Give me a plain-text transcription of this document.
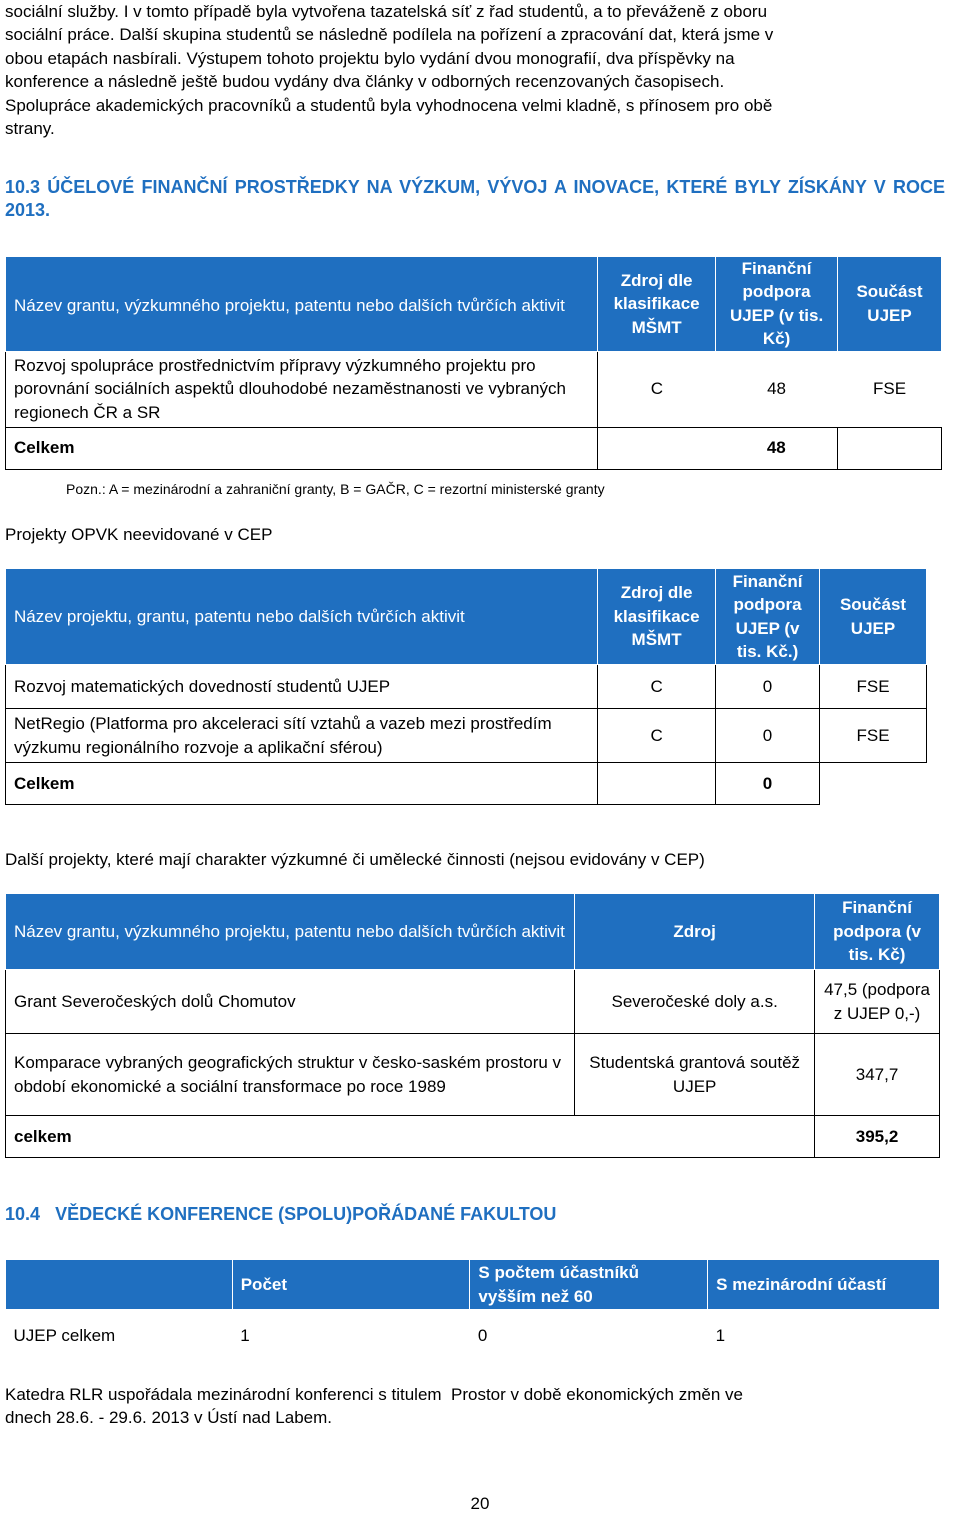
sociální služby. I v tomto případě byla vytvořena tazatelská síť z řad studentů, a to převáženě z oboru
sociální práce. Další skupina studentů se následně podílela na pořízení a zpracování dat, která jsme v
obou etapách nasbírali. Výstupem tohoto projektu bylo vydání dvou monografií, dva příspěvky na
konference a následně ještě budou vydány dva články v odborných recenzovaných časopisech.
Spolupráce akademických pracovníků a studentů byla vyhodnocena velmi kladně, s přínosem pro obě
strany.
10.3 ÚČELOVÉ FINANČNÍ PROSTŘEDKY NA VÝZKUM, VÝVOJ A INOVACE, KTERÉ BYLY ZÍSKÁNY V ROCE 2013.
Název grantu, výzkumného projektu, patentu nebo dalších tvůrčích aktivit	Zdroj dle klasifikace MŠMT	Finanční podpora UJEP (v tis. Kč)	Součást UJEP
Rozvoj spolupráce prostřednictvím přípravy výzkumného projektu pro porovnání sociálních aspektů dlouhodobé nezaměstnanosti ve vybraných regionech ČR a SR	C	48	FSE
Celkem		48	
Pozn.: A = mezinárodní a zahraniční granty, B = GAČR, C = rezortní ministerské granty
Projekty OPVK neevidované v CEP
Název projektu, grantu, patentu nebo dalších tvůrčích aktivit	Zdroj dle klasifikace MŠMT	Finanční podpora UJEP (v tis. Kč.)	Součást UJEP
Rozvoj matematických dovedností studentů UJEP	C	0	FSE
NetRegio (Platforma pro akceleraci sítí vztahů a vazeb mezi prostředím výzkumu regionálního rozvoje a aplikační sférou)	C	0	FSE
Celkem		0	
Další projekty, které mají charakter výzkumné či umělecké činnosti (nejsou evidovány v CEP)
Název grantu, výzkumného projektu, patentu nebo dalších tvůrčích aktivit	Zdroj	Finanční podpora (v tis. Kč)
Grant Severočeských dolů Chomutov	Severočeské doly a.s.	47,5 (podpora z UJEP 0,-)
Komparace vybraných geografických struktur v česko-saském prostoru v období ekonomické a sociální transformace po roce 1989	Studentská grantová soutěž UJEP	347,7
celkem		395,2
10.4 VĚDECKÉ KONFERENCE (SPOLU)POŘÁDANÉ FAKULTOU
	Počet	S počtem účastníků vyšším než 60	S mezinárodní účastí
UJEP celkem	1	0	1
Katedra RLR uspořádala mezinárodní konferenci s titulem  Prostor v době ekonomických změn ve
dnech 28.6. - 29.6. 2013 v Ústí nad Labem.
20
